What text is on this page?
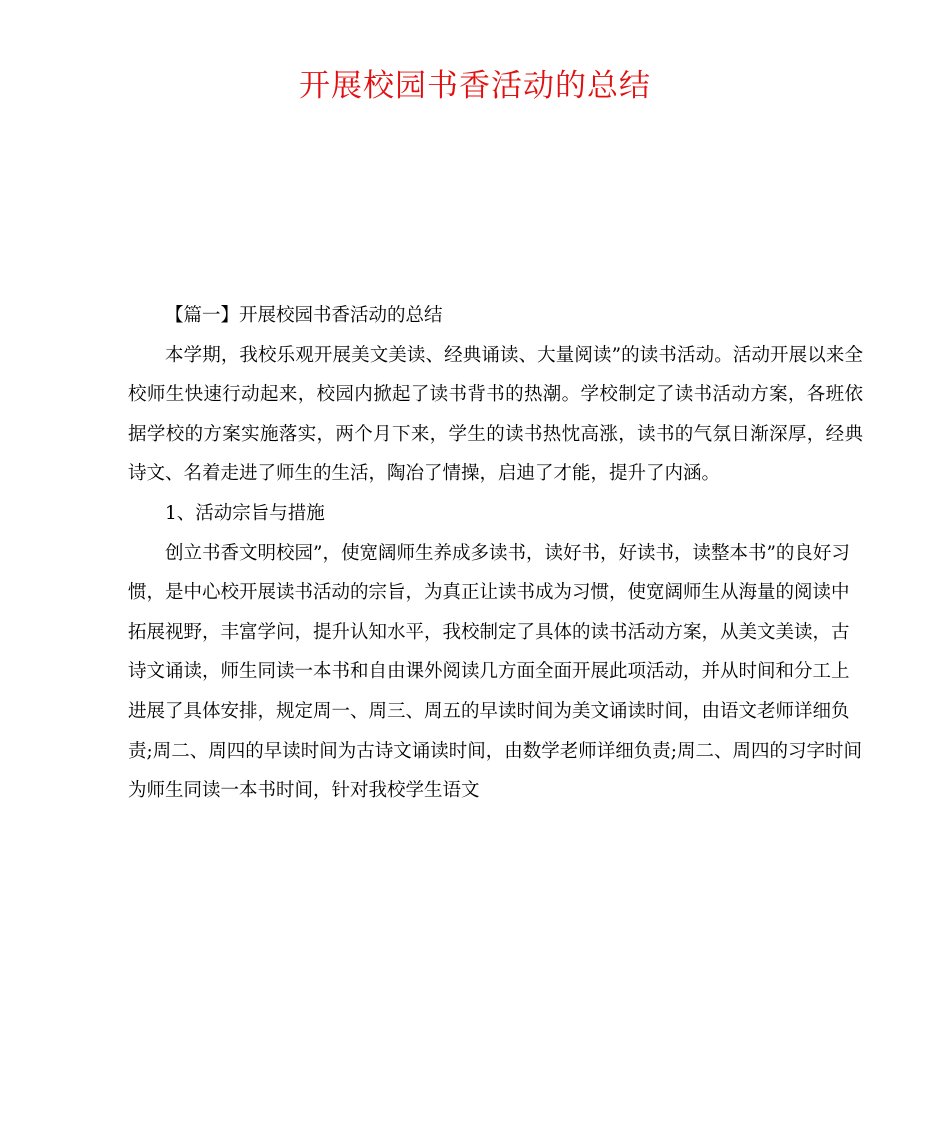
开展校园书香活动的总结

【篇一】开展校园书香活动的总结

本学期，我校乐观开展美文美读、经典诵读、大量阅读”的读书活动。活动开展以来全校师生快速行动起来，校园内掀起了读书背书的热潮。学校制定了读书活动方案，各班依据学校的方案实施落实，两个月下来，学生的读书热忱高涨，读书的气氛日渐深厚，经典诗文、名着走进了师生的生活，陶冶了情操，启迪了才能，提升了内涵。

1、活动宗旨与措施

创立书香文明校园”，使宽阔师生养成多读书，读好书，好读书，读整本书”的良好习惯，是中心校开展读书活动的宗旨，为真正让读书成为习惯，使宽阔师生从海量的阅读中拓展视野，丰富学问，提升认知水平，我校制定了具体的读书活动方案，从美文美读，古诗文诵读，师生同读一本书和自由课外阅读几方面全面开展此项活动，并从时间和分工上进展了具体安排，规定周一、周三、周五的早读时间为美文诵读时间，由语文老师详细负责;周二、周四的早读时间为古诗文诵读时间，由数学老师详细负责;周二、周四的习字时间为师生同读一本书时间，针对我校学生语文
